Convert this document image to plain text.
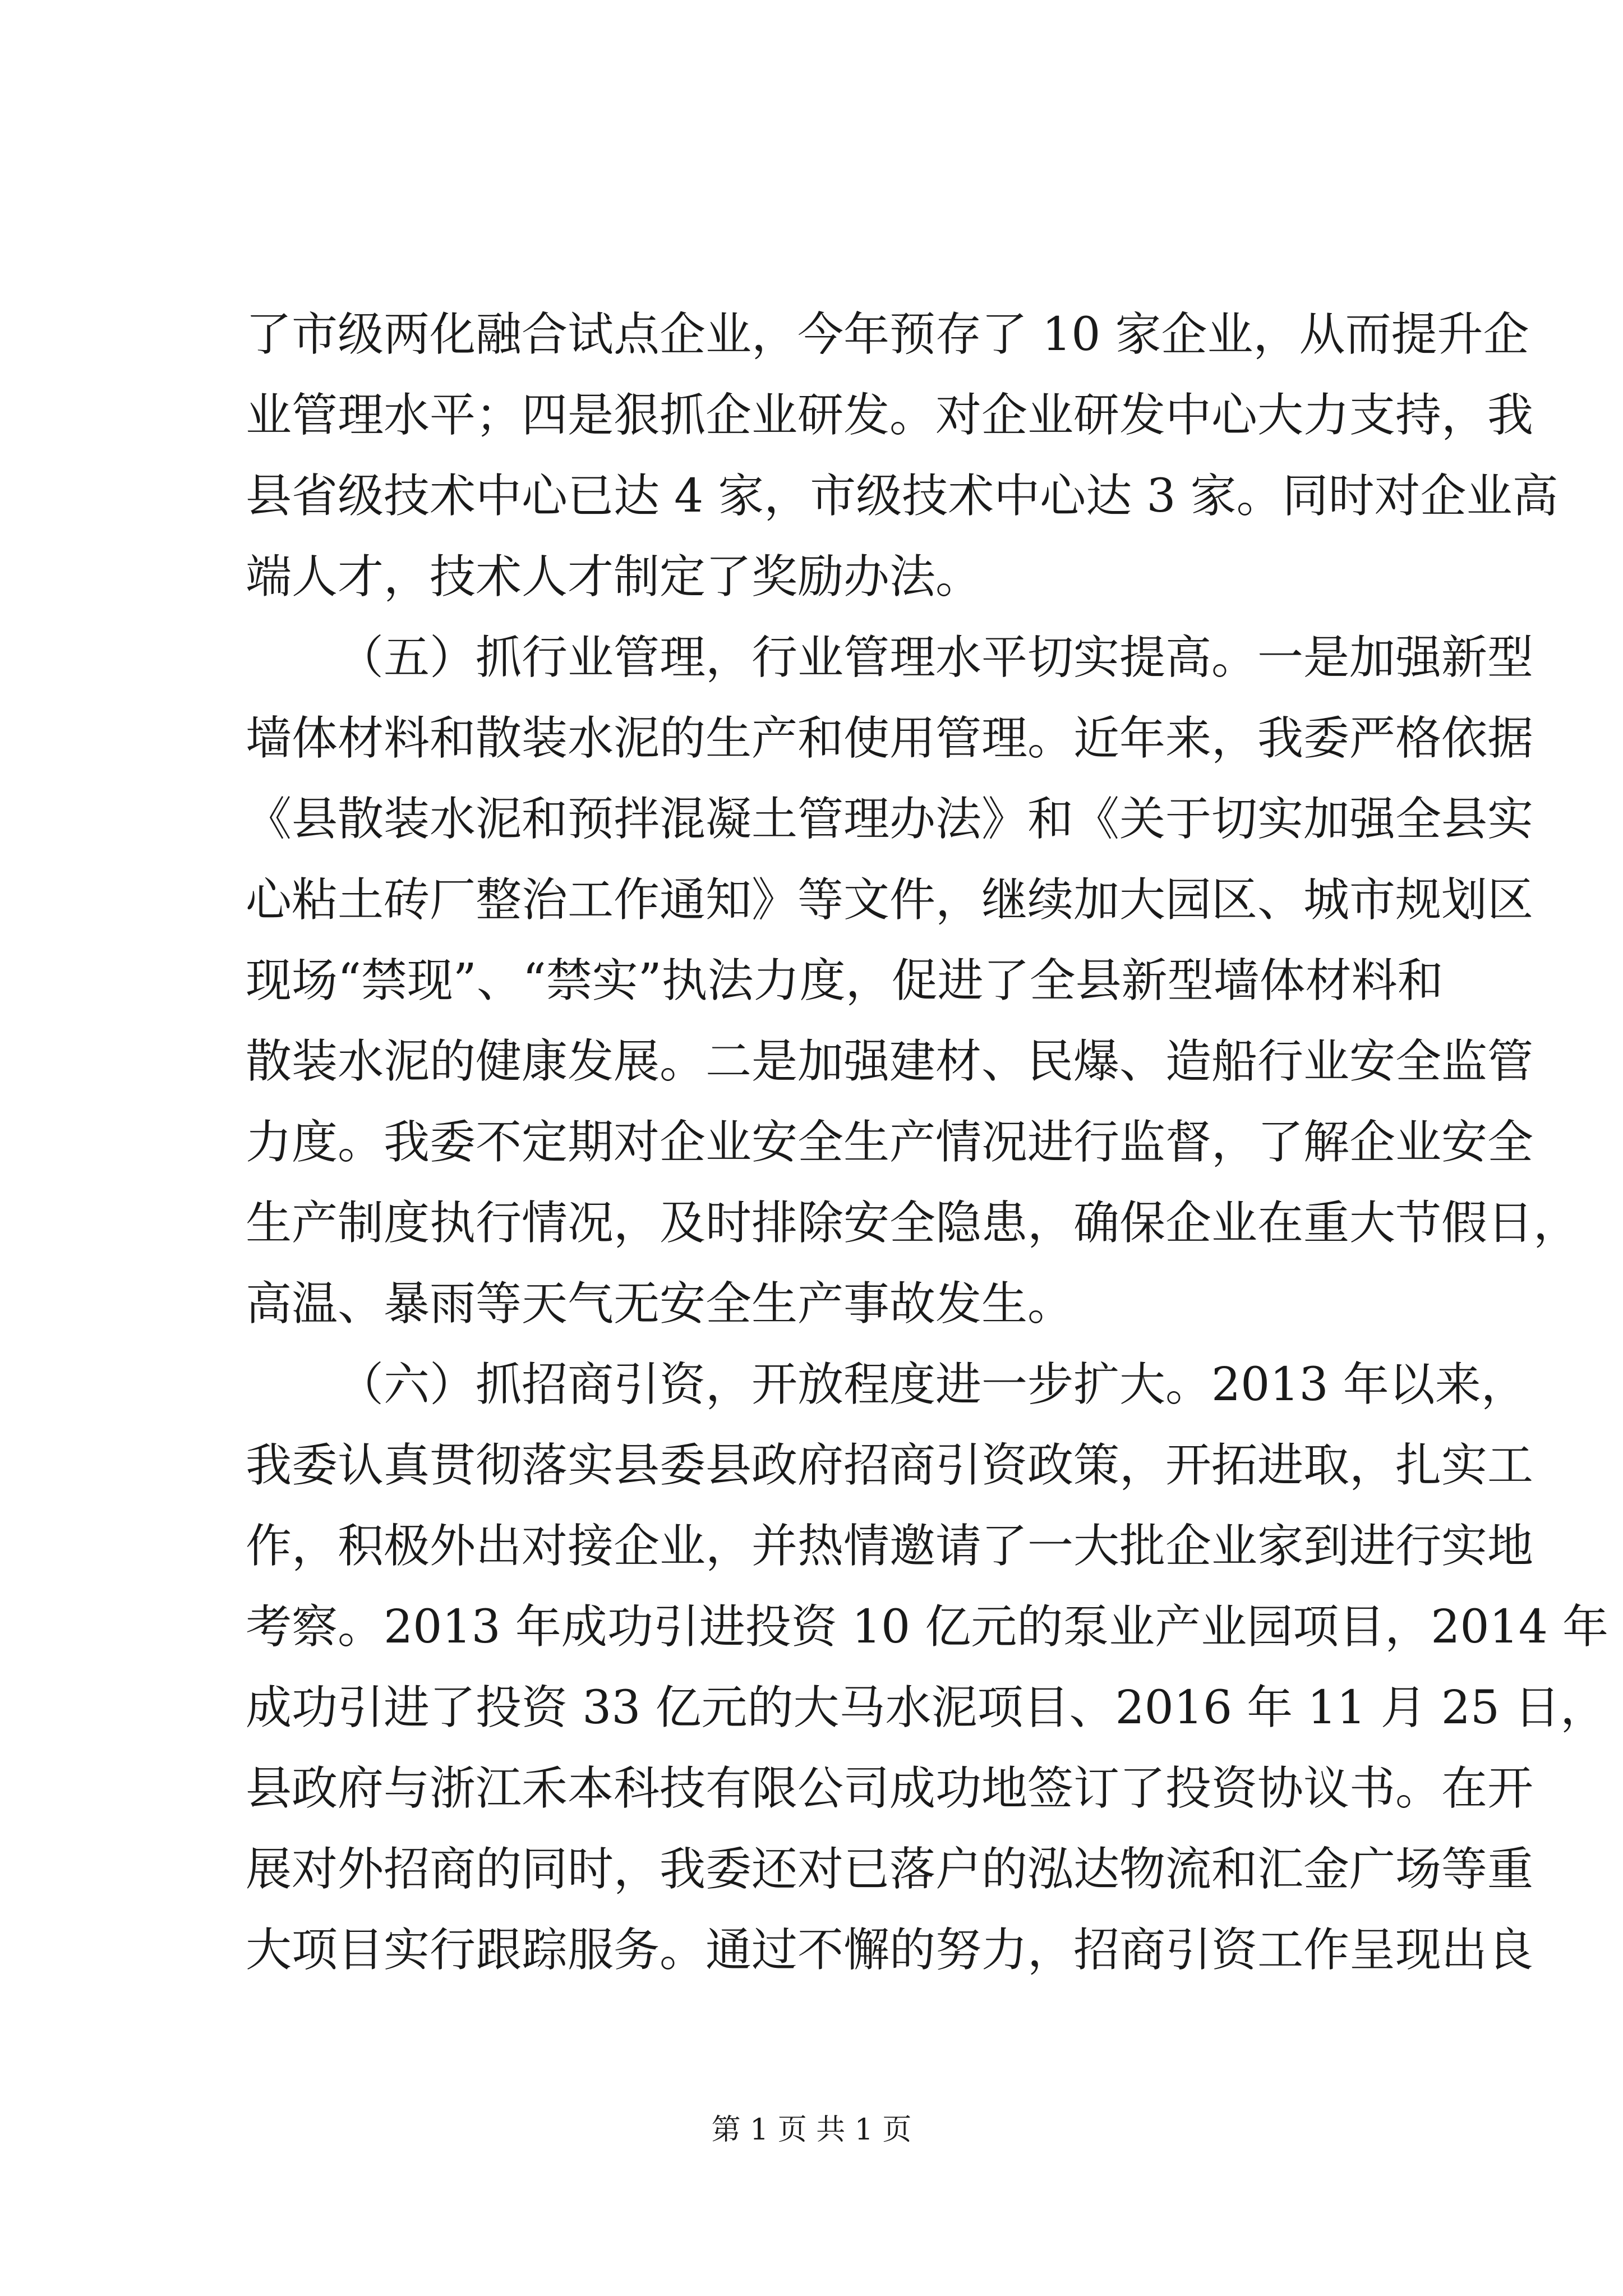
了市级两化融合试点企业，今年预存了 10 家企业，从而提升企
业管理水平；四是狠抓企业研发。对企业研发中心大力支持，我
县省级技术中心已达 4 家，市级技术中心达 3 家。同时对企业高
端人才，技术人才制定了奖励办法。
（五）抓行业管理，行业管理水平切实提高。一是加强新型
墙体材料和散装水泥的生产和使用管理。近年来，我委严格依据
《县散装水泥和预拌混凝土管理办法》和《关于切实加强全县实
心粘土砖厂整治工作通知》等文件，继续加大园区、城市规划区
现场“禁现”、“禁实”执法力度，促进了全县新型墙体材料和
散装水泥的健康发展。二是加强建材、民爆、造船行业安全监管
力度。我委不定期对企业安全生产情况进行监督，了解企业安全
生产制度执行情况，及时排除安全隐患，确保企业在重大节假日，
高温、暴雨等天气无安全生产事故发生。
（六）抓招商引资，开放程度进一步扩大。2013 年以来，
我委认真贯彻落实县委县政府招商引资政策，开拓进取，扎实工
作，积极外出对接企业，并热情邀请了一大批企业家到进行实地
考察。2013 年成功引进投资 10 亿元的泵业产业园项目，2014 年
成功引进了投资 33 亿元的大马水泥项目、2016 年 11 月 25 日，
县政府与浙江禾本科技有限公司成功地签订了投资协议书。在开
展对外招商的同时，我委还对已落户的泓达物流和汇金广场等重
大项目实行跟踪服务。通过不懈的努力，招商引资工作呈现出良
第 1 页 共 1 页
